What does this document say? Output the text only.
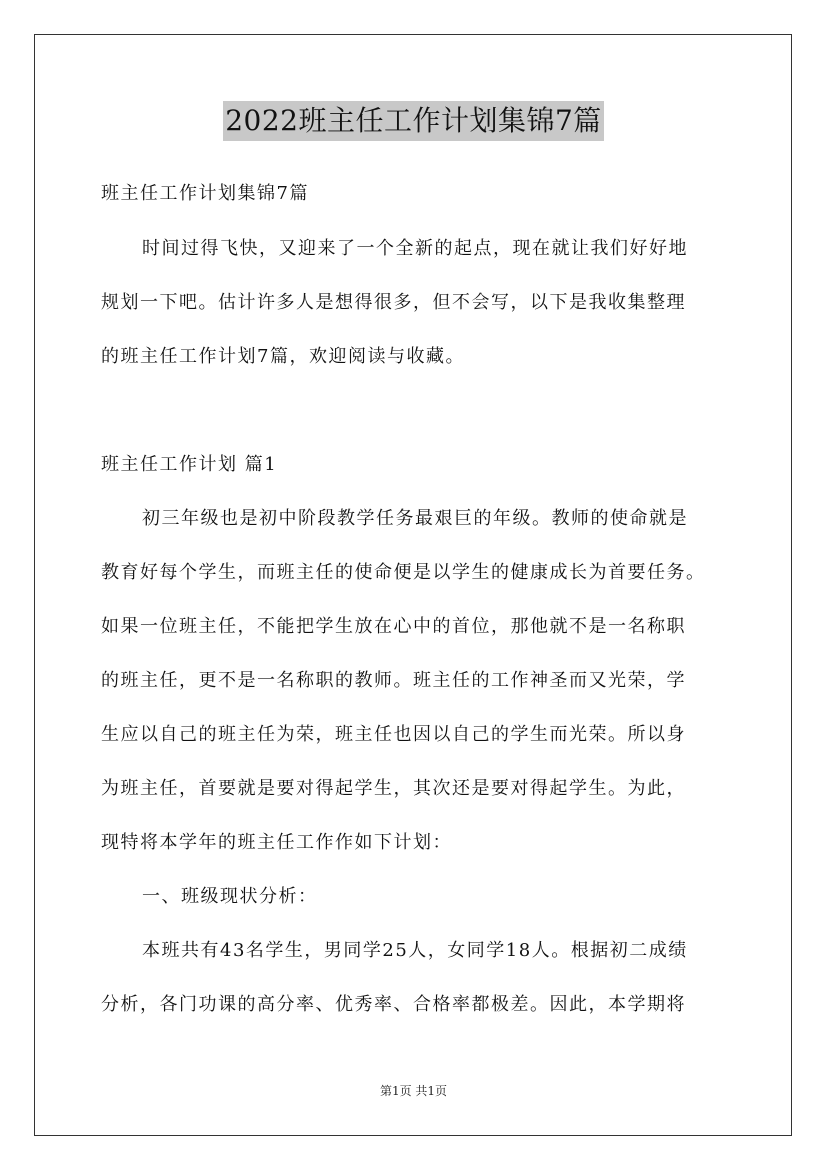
2022班主任工作计划集锦7篇
班主任工作计划集锦7篇
时间过得飞快，又迎来了一个全新的起点，现在就让我们好好地
规划一下吧。估计许多人是想得很多，但不会写，以下是我收集整理
的班主任工作计划7篇，欢迎阅读与收藏。
班主任工作计划 篇1
初三年级也是初中阶段教学任务最艰巨的年级。教师的使命就是
教育好每个学生，而班主任的使命便是以学生的健康成长为首要任务。
如果一位班主任，不能把学生放在心中的首位，那他就不是一名称职
的班主任，更不是一名称职的教师。班主任的工作神圣而又光荣，学
生应以自己的班主任为荣，班主任也因以自己的学生而光荣。所以身
为班主任，首要就是要对得起学生，其次还是要对得起学生。为此，
现特将本学年的班主任工作作如下计划：
一、班级现状分析：
本班共有43名学生，男同学25人，女同学18人。根据初二成绩
分析，各门功课的高分率、优秀率、合格率都极差。因此，本学期将
第1页 共1页
